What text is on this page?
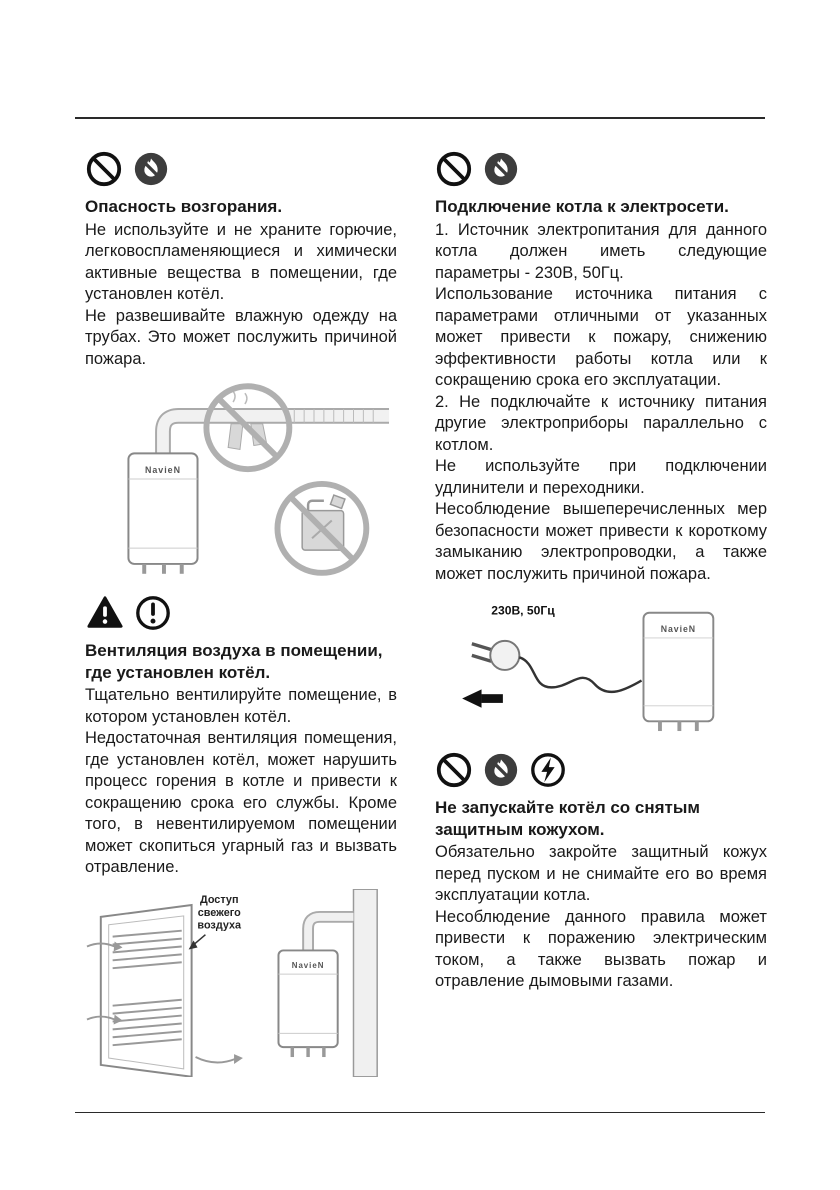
Опасность возгорания.

Не используйте и не храните горючие, легковоспламеняющиеся и химически активные вещества в помещении, где установлен котёл.

Не развешивайте влажную одежду на трубах. Это может послужить причиной пожара.

NavieN
Вентиляция воздуха в помещении, где установлен котёл.

Тщательно вентилируйте помещение, в котором установлен котёл.

Недостаточная вентиляция помещения, где установлен котёл, может нарушить процесс горения в котле и привести к сокращению срока его службы. Кроме того, в невентилируемом помещении может скопиться угарный газ и вызвать отравление.

NavieN
Доступ
свежего
воздуха
Подключение котла к электросети.

1. Источник электропитания для данного котла должен иметь следующие параметры - 230В, 50Гц.

Использование источника питания с параметрами отличными от указанных может привести к пожару, снижению эффективности работы котла или к сокращению срока его эксплуатации.

2. Не подключайте к источнику питания другие электроприборы параллельно с котлом.

Не используйте при подключении удлинители и переходники.

Несоблюдение вышеперечисленных мер безопасности может привести к короткому замыканию электропроводки, а также может послужить причиной пожара.

230В, 50Гц
NavieN
Не запускайте котёл со снятым защитным кожухом.

Обязательно закройте защитный кожух перед пуском и не снимайте его во время эксплуатации котла.

Несоблюдение данного правила может привести к поражению электрическим током, а также вызвать пожар и отравление дымовыми газами.
